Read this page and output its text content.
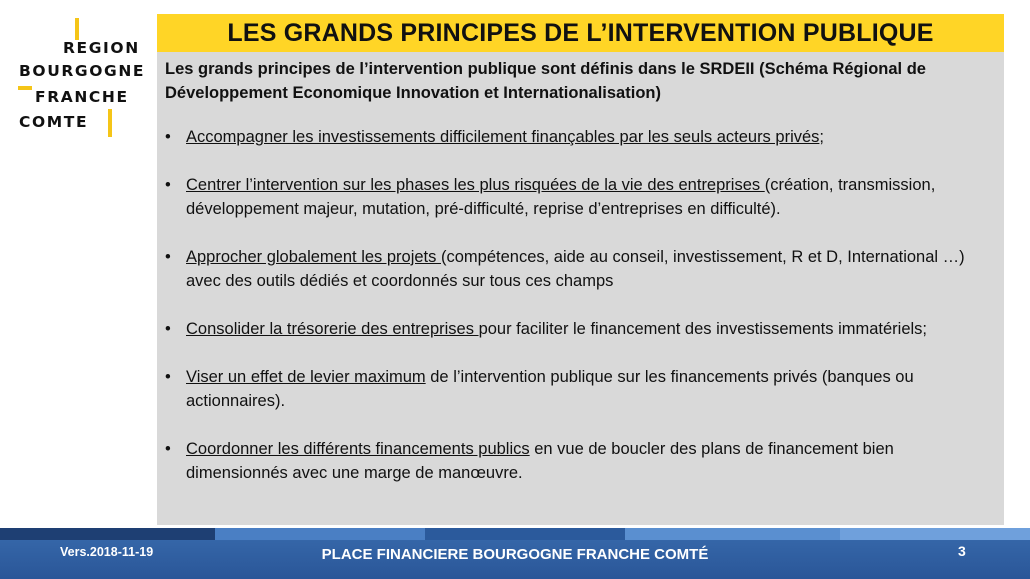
REGION
BOURGOGNE
FRANCHE
COMTE
LES GRANDS PRINCIPES DE L’INTERVENTION PUBLIQUE

Les grands principes de l’intervention publique sont définis dans le SRDEII (Schéma Régional de Développement Economique Innovation et Internationalisation)

• Accompagner les investissements difficilement finançables par les seuls acteurs privés;
• Centrer l’intervention sur les phases les plus risquées de la vie des entreprises (création, transmission, développement majeur, mutation, pré-difficulté, reprise d’entreprises en difficulté).
• Approcher globalement les projets (compétences, aide au conseil, investissement, R et D, International …) avec des outils dédiés et coordonnés sur tous ces champs
• Consolider la trésorerie des entreprises pour faciliter le financement des investissements immatériels;
• Viser un effet de levier maximum de l’intervention publique sur les financements privés (banques ou actionnaires).
• Coordonner les différents financements publics en vue de boucler des plans de financement bien dimensionnés avec une marge de manœuvre.
Vers.2018-11-19	PLACE FINANCIERE BOURGOGNE FRANCHE COMTÉ	3
